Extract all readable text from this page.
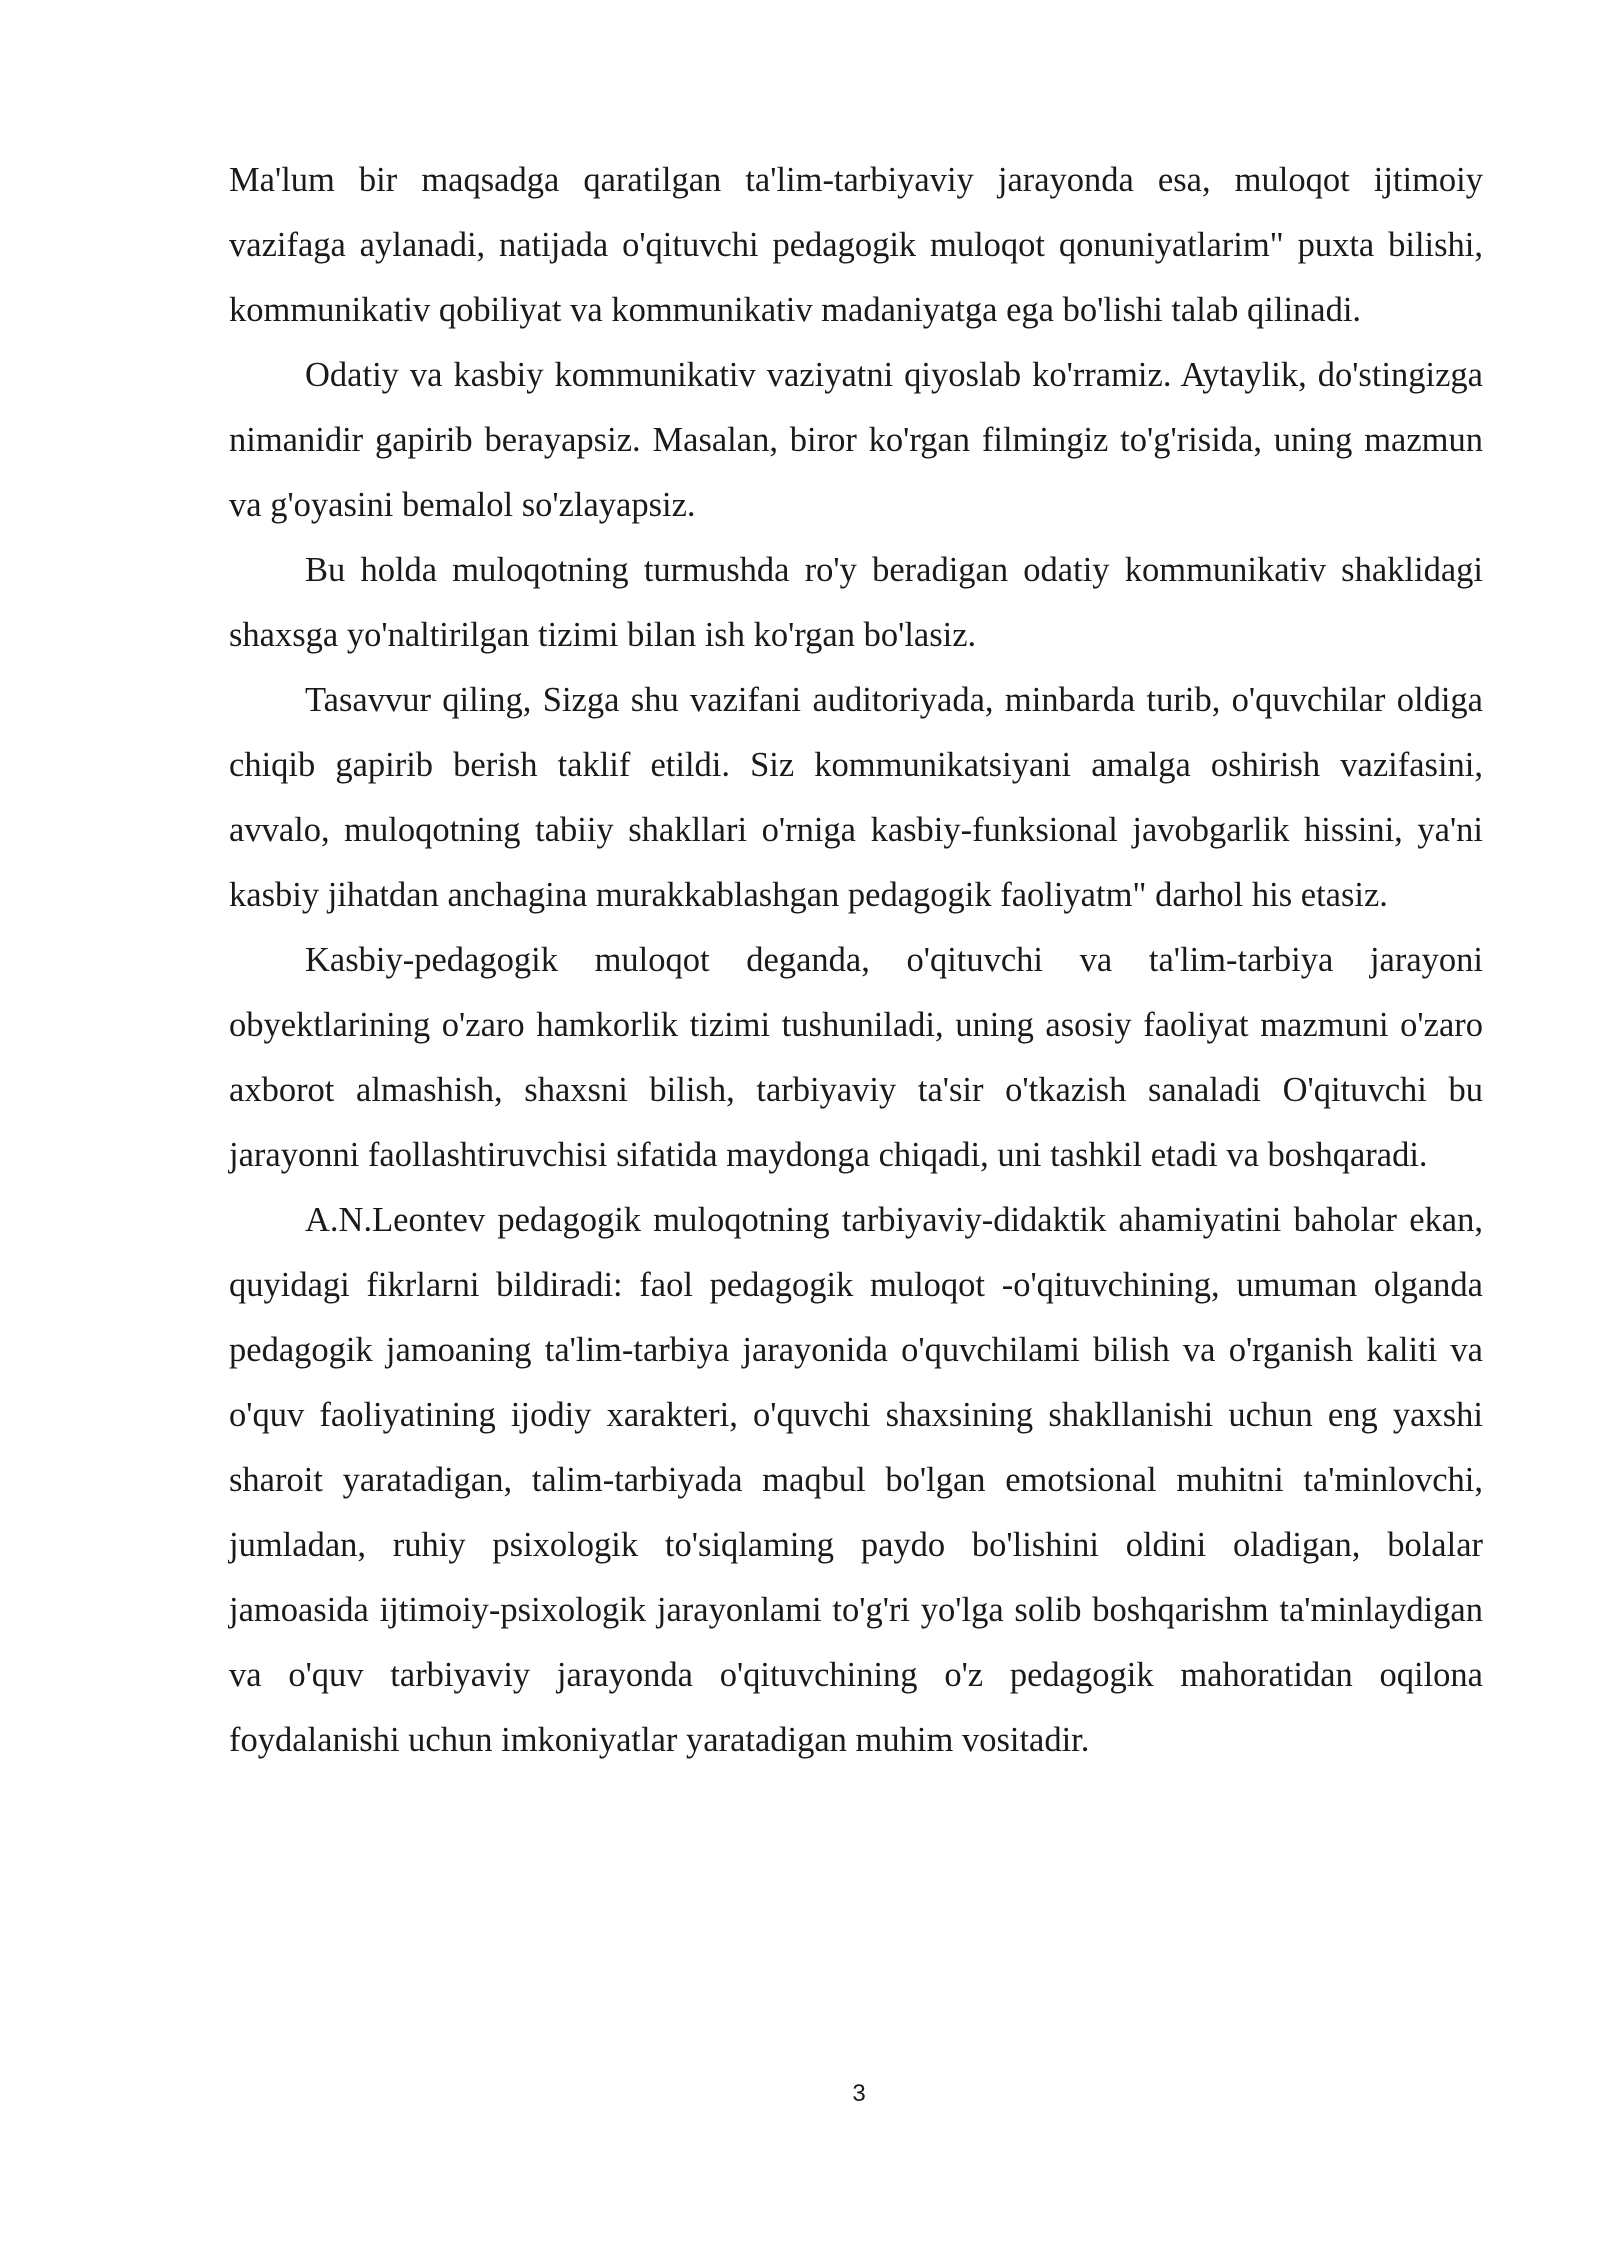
Ma'lum bir maqsadga qaratilgan ta'lim-tarbiyaviy jarayonda esa, muloqot ijtimoiy vazifaga aylanadi, natijada o'qituvchi pedagogik muloqot qonuniyatlarim" puxta bilishi, kommunikativ qobiliyat va kommunikativ madaniyatga ega bo'lishi talab qilinadi.

Odatiy va kasbiy kommunikativ vaziyatni qiyoslab ko'rramiz. Aytaylik, do'stingizga nimanidir gapirib berayapsiz. Masalan, biror ko'rgan filmingiz to'g'risida, uning mazmun va g'oyasini bemalol so'zlayapsiz.

Bu holda muloqotning turmushda ro'y beradigan odatiy kommunikativ shaklidagi shaxsga yo'naltirilgan tizimi bilan ish ko'rgan bo'lasiz.

Tasavvur qiling, Sizga shu vazifani auditoriyada, minbarda turib, o'quvchilar oldiga chiqib gapirib berish taklif etildi. Siz kommunikatsiyani amalga oshirish vazifasini, avvalo, muloqotning tabiiy shakllari o'rniga kasbiy-funksional javobgarlik hissini, ya'ni kasbiy jihatdan anchagina murakkablashgan pedagogik faoliyatm" darhol his etasiz.

Kasbiy-pedagogik muloqot deganda, o'qituvchi va ta'lim-tarbiya jarayoni obyektlarining o'zaro hamkorlik tizimi tushuniladi, uning asosiy faoliyat mazmuni o'zaro axborot almashish, shaxsni bilish, tarbiyaviy ta'sir o'tkazish sanaladi O'qituvchi bu jarayonni faollashtiruvchisi sifatida maydonga chiqadi, uni tashkil etadi va boshqaradi.

A.N.Leontev pedagogik muloqotning tarbiyaviy-didaktik ahamiyatini baholar ekan, quyidagi fikrlarni bildiradi: faol pedagogik muloqot -o'qituvchining, umuman olganda pedagogik jamoaning ta'lim-tarbiya jarayonida o'quvchilami bilish va o'rganish kaliti va o'quv faoliyatining ijodiy xarakteri, o'quvchi shaxsining shakllanishi uchun eng yaxshi sharoit yaratadigan, talim-tarbiyada maqbul bo'lgan emotsional muhitni ta'minlovchi, jumladan, ruhiy psixologik to'siqlaming paydo bo'lishini oldini oladigan, bolalar jamoasida ijtimoiy-psixologik jarayonlami to'g'ri yo'lga solib boshqarishm ta'minlaydigan va o'quv tarbiyaviy jarayonda o'qituvchining o'z pedagogik mahoratidan oqilona foydalanishi uchun imkoniyatlar yaratadigan muhim vositadir.

3
